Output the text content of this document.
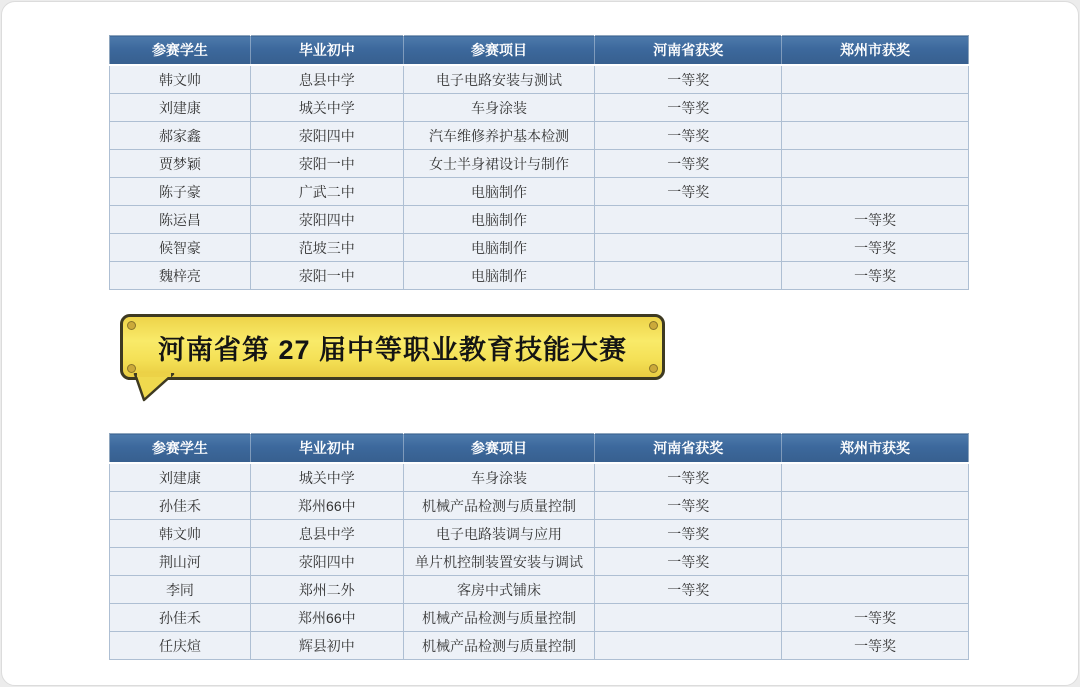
参赛学生	毕业初中	参赛项目	河南省获奖	郑州市获奖
韩文帅	息县中学	电子电路安装与测试	一等奖	
刘建康	城关中学	车身涂装	一等奖	
郝家鑫	荥阳四中	汽车维修养护基本检测	一等奖	
贾梦颖	荥阳一中	女士半身裙设计与制作	一等奖	
陈子豪	广武二中	电脑制作	一等奖	
陈运昌	荥阳四中	电脑制作		一等奖
候智豪	范坡三中	电脑制作		一等奖
魏梓亮	荥阳一中	电脑制作		一等奖
河南省第 27 届中等职业教育技能大赛
参赛学生	毕业初中	参赛项目	河南省获奖	郑州市获奖
刘建康	城关中学	车身涂装	一等奖	
孙佳禾	郑州66中	机械产品检测与质量控制	一等奖	
韩文帅	息县中学	电子电路装调与应用	一等奖	
荆山河	荥阳四中	单片机控制装置安装与调试	一等奖	
李同	郑州二外	客房中式铺床	一等奖	
孙佳禾	郑州66中	机械产品检测与质量控制		一等奖
任庆煊	辉县初中	机械产品检测与质量控制		一等奖
